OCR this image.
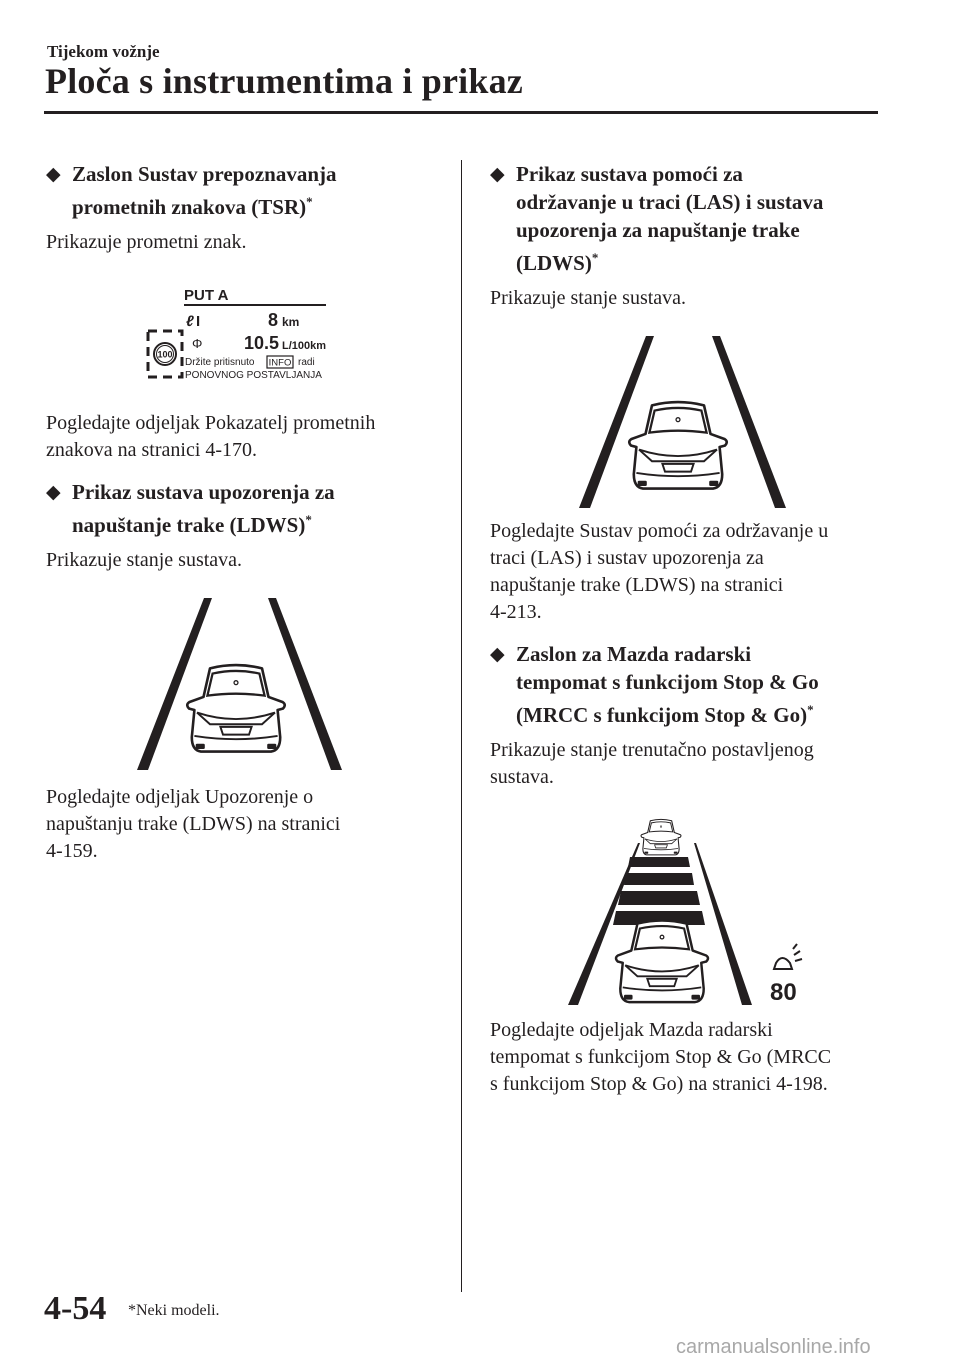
Tijekom vožnje
Ploča s instrumentima i prikaz
◆ Zaslon Sustav prepoznavanja
prometnih znakova (TSR)*

Prikazuje prometni znak.

PUT A
100
ℓ I	8 km
Φ 10.5 L/100km
Držite pritisnuto INFO radi
PONOVNOG POSTAVLJANJA

Pogledajte odjeljak Pokazatelj prometnih
znakova na stranici 4-170.

◆ Prikaz sustava upozorenja za
napuštanje trake (LDWS)*

Prikazuje stanje sustava.

Pogledajte odjeljak Upozorenje o
napuštanju trake (LDWS) na stranici
4-159.

◆ Prikaz sustava pomoći za
održavanje u traci (LAS) i sustava
upozorenja za napuštanje trake
(LDWS)*

Prikazuje stanje sustava.

Pogledajte Sustav pomoći za održavanje u
traci (LAS) i sustav upozorenja za
napuštanje trake (LDWS) na stranici
4-213.

◆ Zaslon za Mazda radarski
tempomat s funkcijom Stop & Go
(MRCC s funkcijom Stop & Go)*

Prikazuje stanje trenutačno postavljenog
sustava.

80

Pogledajte odjeljak Mazda radarski
tempomat s funkcijom Stop & Go (MRCC
s funkcijom Stop & Go) na stranici 4-198.

4-54 *Neki modeli.
carmanualsonline.info
